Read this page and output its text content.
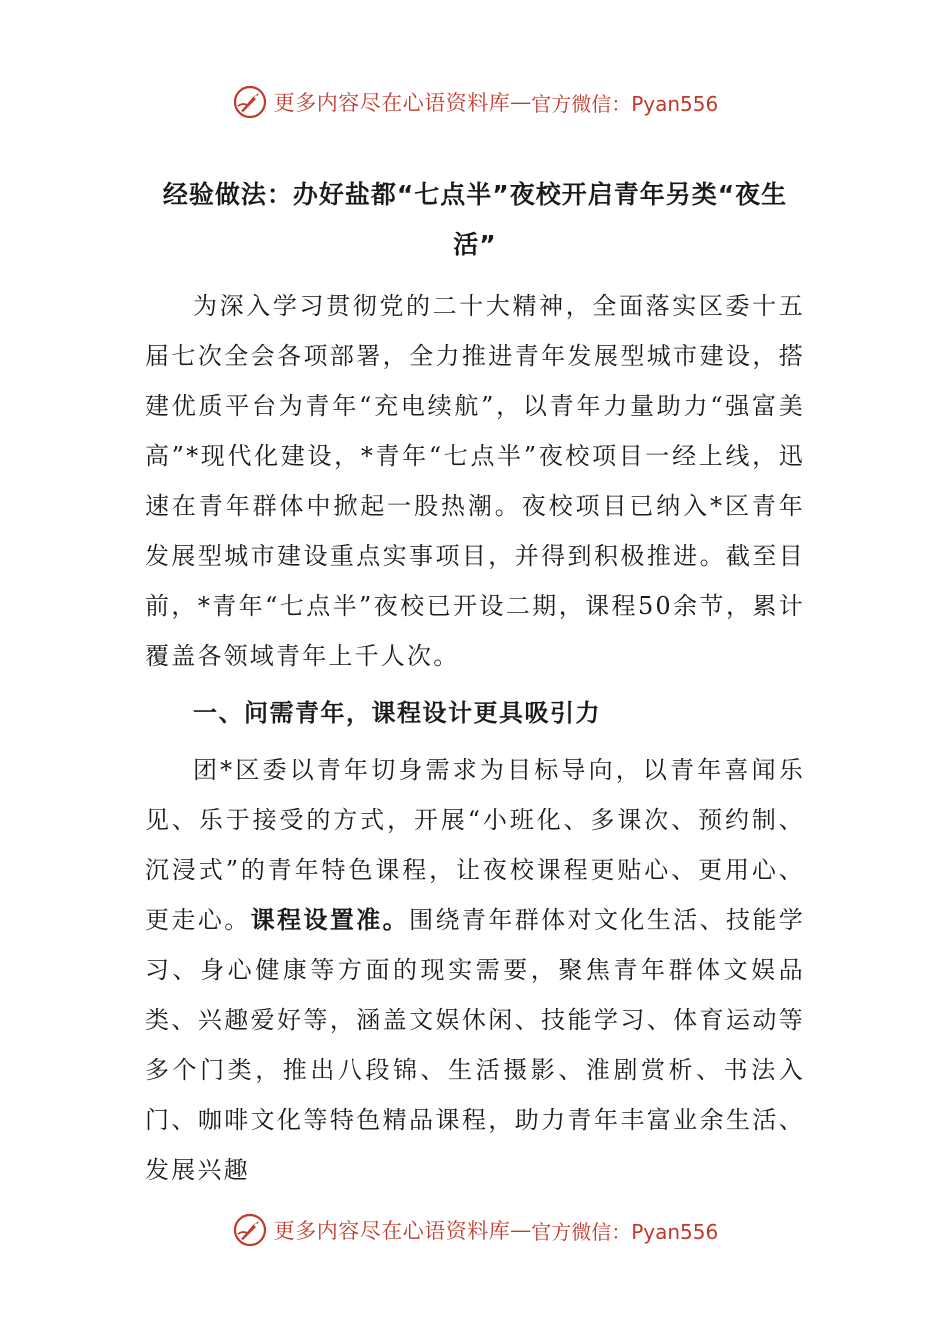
更多内容尽在心语资料库 — 官方微信：Pyan556
经验做法：办好盐都“七点半”夜校开启青年另类“夜生活”

为深入学习贯彻党的二十大精神，全面落实区委十五届七次全会各项部署，全力推进青年发展型城市建设，搭建优质平台为青年“充电续航”，以青年力量助力“强富美高”*现代化建设，*青年“七点半”夜校项目一经上线，迅速在青年群体中掀起一股热潮。夜校项目已纳入*区青年发展型城市建设重点实事项目，并得到积极推进。截至目前，*青年“七点半”夜校已开设二期，课程50余节，累计覆盖各领域青年上千人次。

一、问需青年，课程设计更具吸引力

团*区委以青年切身需求为目标导向，以青年喜闻乐见、乐于接受的方式，开展“小班化、多课次、预约制、沉浸式”的青年特色课程，让夜校课程更贴心、更用心、更走心。课程设置准。围绕青年群体对文化生活、技能学习、身心健康等方面的现实需要，聚焦青年群体文娱品类、兴趣爱好等，涵盖文娱休闲、技能学习、体育运动等多个门类，推出八段锦、生活摄影、淮剧赏析、书法入门、咖啡文化等特色精品课程，助力青年丰富业余生活、发展兴趣

更多内容尽在心语资料库 — 官方微信：Pyan556
